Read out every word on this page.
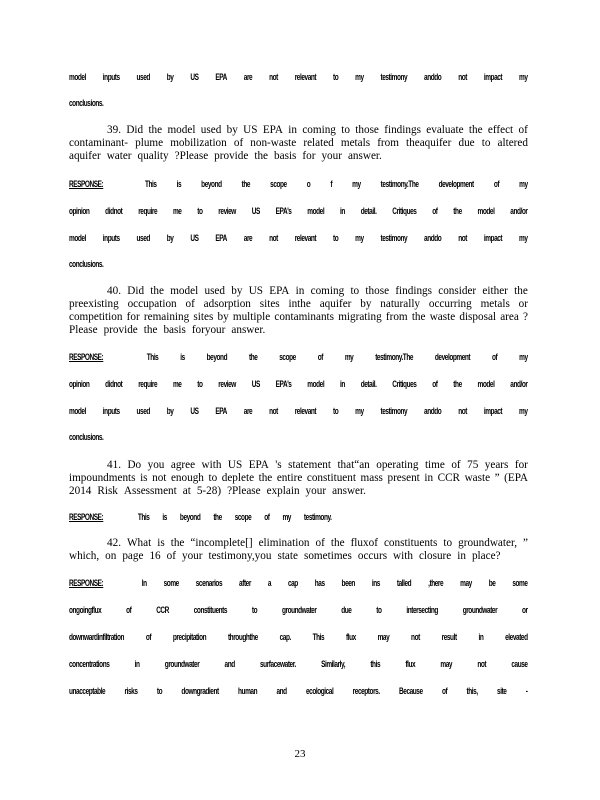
model inputs used by US EPA are not relevant to my testimony anddo not impact my
conclusions.
39. Did the model used by US EPA in coming to those findings evaluate the effect of
contaminant- plume mobilization of non-waste related metals from theaquifer due to altered
aquifer water quality ?Please provide the basis for your answer.
RESPONSE:	This is beyond the scope o f my testimony.The development of my
opinion didnot require me to review US EPA's model in detail. Critiques of the model and/or
model inputs used by US EPA are not relevant to my testimony anddo not impact my
conclusions.
40. Did the model used by US EPA in coming to those findings consider either the
preexisting occupation of adsorption sites inthe aquifer by naturally occurring metals or
competition for remaining sites by multiple contaminants migrating from the waste disposal area ?
Please provide the basis foryour answer.
RESPONSE:	This is beyond the scope of my testimony.The development of my
opinion didnot require me to review US EPA's model in detail. Critiques of the model and/or
model inputs used by US EPA are not relevant to my testimony anddo not impact my
conclusions.
41. Do you agree with US EPA 's statement that“an operating time of 75 years for
impoundments is not enough to deplete the entire constituent mass present in CCR waste ” (EPA
2014 Risk Assessment at 5-28) ?Please explain your answer.
RESPONSE:	This is beyond the scope of my testimony.
42. What is the “incomplete[] elimination of the fluxof constituents to groundwater, ”
which, on page 16 of your testimony,you state sometimes occurs with closure in place?
RESPONSE:	In some scenarios after a cap has been ins talled ,there may be some
ongoingflux	of	CCR	constituents	to	groundwater	due	to	intersecting	groundwater	or
downwardinfiltration of precipitation throughthe cap. This flux may not result in elevated
concentrations	in	groundwater	and	surfacewater.	Similarly,	this	flux	may	not	cause
unacceptable risks to downgradient human and ecological receptors. Because of this, site -
23
